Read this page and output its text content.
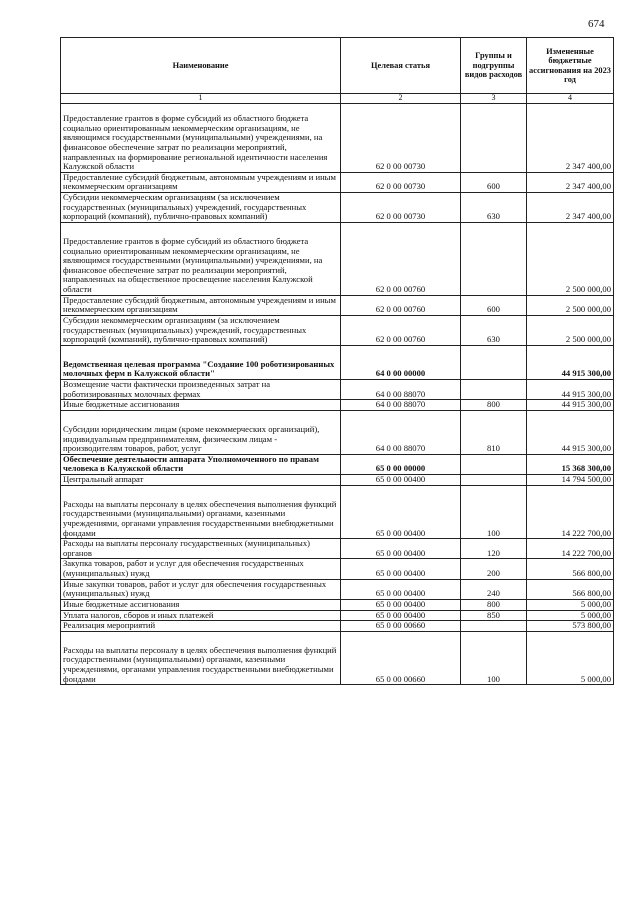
674
Наименование	Целевая статья	Группы и подгруппы видов расходов	Измененные бюджетные ассигнования на 2023 год
1	2	3	4
Предоставление грантов в форме субсидий из областного бюджета социально ориентированным некоммерческим организациям, не являющимся государственными (муниципальными) учреждениями, на финансовое обеспечение затрат по реализации мероприятий, направленных на формирование региональной идентичности населения Калужской области	62 0 00 00730		2 347 400,00
Предоставление субсидий бюджетным, автономным учреждениям и иным некоммерческим организациям	62 0 00 00730	600	2 347 400,00
Субсидии некоммерческим организациям (за исключением государственных (муниципальных) учреждений, государственных корпораций (компаний), публично-правовых компаний)	62 0 00 00730	630	2 347 400,00
Предоставление грантов в форме субсидий из областного бюджета социально ориентированным некоммерческим организациям, не являющимся государственными (муниципальными) учреждениями, на финансовое обеспечение затрат по реализации мероприятий, направленных на общественное просвещение населения Калужской области	62 0 00 00760		2 500 000,00
Предоставление субсидий бюджетным, автономным учреждениям и иным некоммерческим организациям	62 0 00 00760	600	2 500 000,00
Субсидии некоммерческим организациям (за исключением государственных (муниципальных) учреждений, государственных корпораций (компаний), публично-правовых компаний)	62 0 00 00760	630	2 500 000,00
Ведомственная целевая программа "Создание 100 роботизированных молочных ферм в Калужской области"	64 0 00 00000		44 915 300,00
Возмещение части фактически произведенных затрат на роботизированных молочных фермах	64 0 00 88070		44 915 300,00
Иные бюджетные ассигнования	64 0 00 88070	800	44 915 300,00
Субсидии юридическим лицам (кроме некоммерческих организаций), индивидуальным предпринимателям, физическим лицам - производителям товаров, работ, услуг	64 0 00 88070	810	44 915 300,00
Обеспечение деятельности аппарата Уполномоченного по правам человека в Калужской области	65 0 00 00000		15 368 300,00
Центральный аппарат	65 0 00 00400		14 794 500,00
Расходы на выплаты персоналу в целях обеспечения выполнения функций государственными (муниципальными) органами, казенными учреждениями, органами управления государственными внебюджетными фондами	65 0 00 00400	100	14 222 700,00
Расходы на выплаты персоналу государственных (муниципальных) органов	65 0 00 00400	120	14 222 700,00
Закупка товаров, работ и услуг для обеспечения государственных (муниципальных) нужд	65 0 00 00400	200	566 800,00
Иные закупки товаров, работ и услуг для обеспечения государственных (муниципальных) нужд	65 0 00 00400	240	566 800,00
Иные бюджетные ассигнования	65 0 00 00400	800	5 000,00
Уплата налогов, сборов и иных платежей	65 0 00 00400	850	5 000,00
Реализация мероприятий	65 0 00 00660		573 800,00
Расходы на выплаты персоналу в целях обеспечения выполнения функций государственными (муниципальными) органами, казенными учреждениями, органами управления государственными внебюджетными фондами	65 0 00 00660	100	5 000,00
